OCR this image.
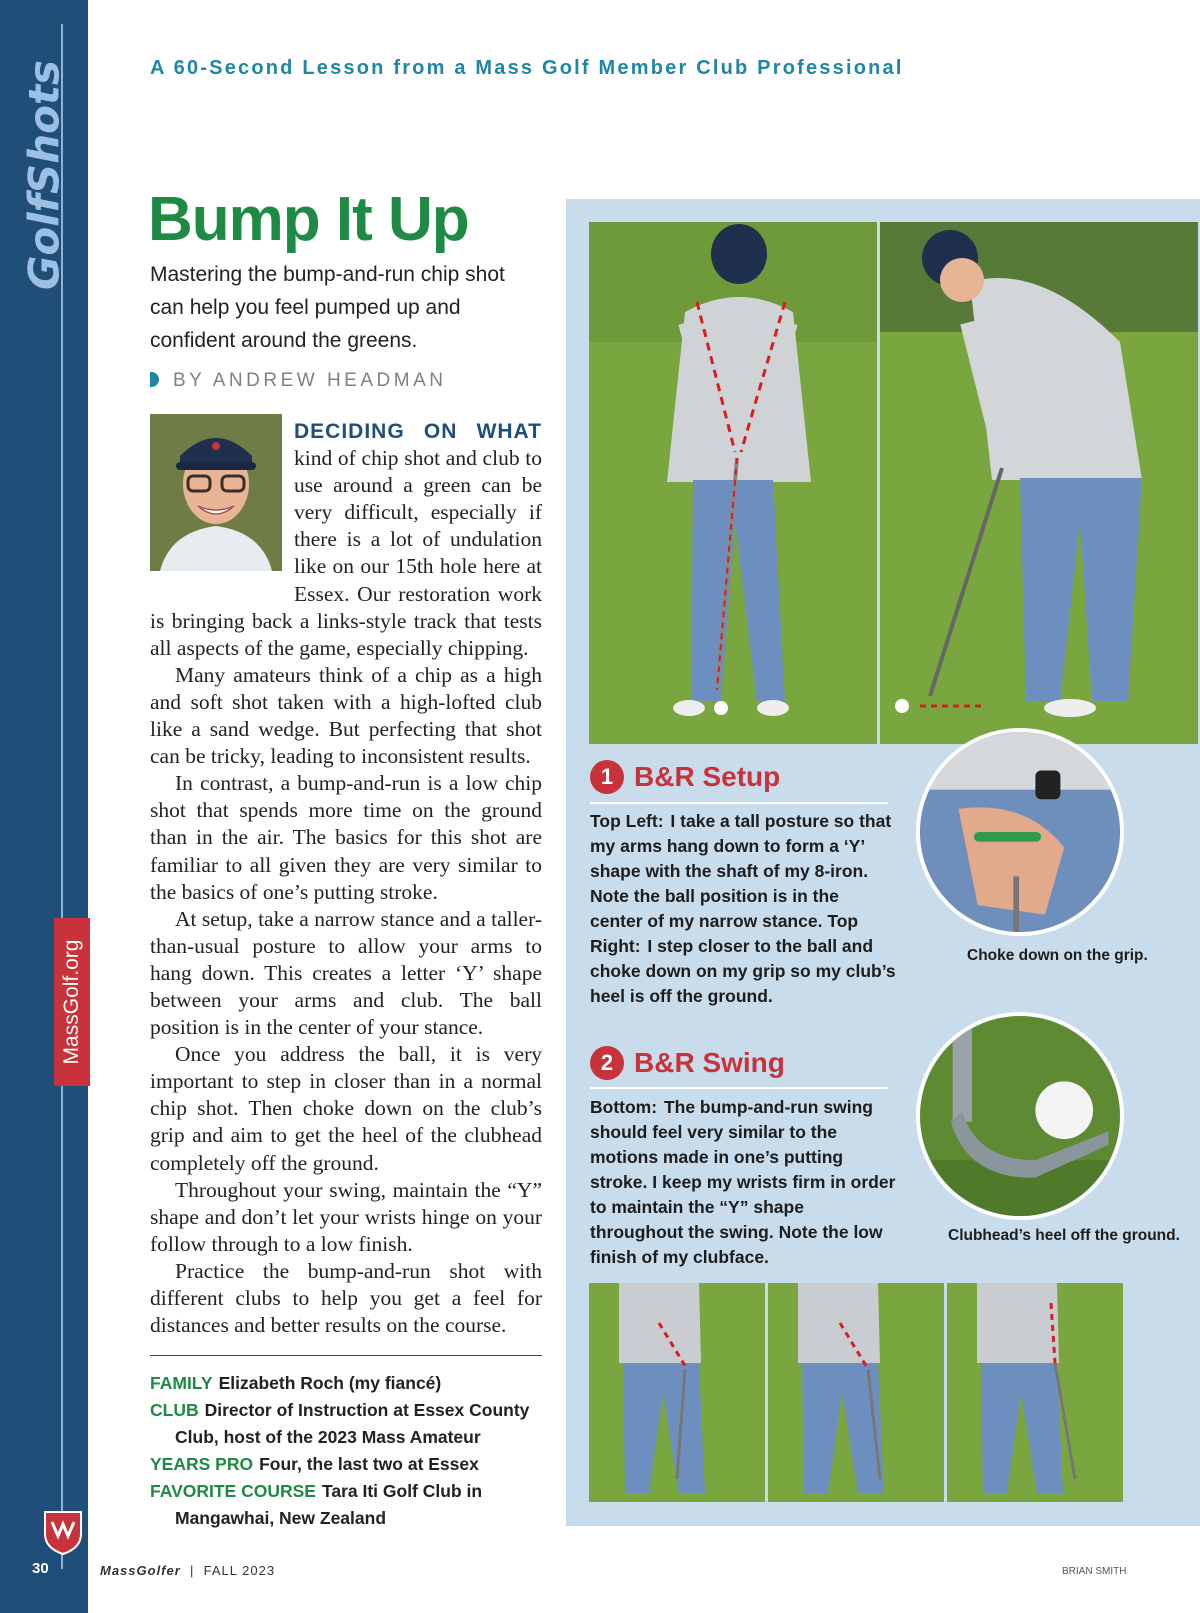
GolfShots
MassGolf.org
30
A 60-Second Lesson from a Mass Golf Member Club Professional
Bump It Up
Mastering the bump-and-run chip shot can help you feel pumped up and confident around the greens.
BY ANDREW HEADMAN

DECIDING ON WHAT kind of chip shot and club to use around a green can be very difficult, especially if there is a lot of undulation like on our 15th hole here at Essex. Our restoration work is bringing back a links-style track that tests all aspects of the game, especially chipping.

Many amateurs think of a chip as a high and soft shot taken with a high-lofted club like a sand wedge. But perfecting that shot can be tricky, leading to inconsistent results.

In contrast, a bump-and-run is a low chip shot that spends more time on the ground than in the air. The basics for this shot are familiar to all given they are very similar to the basics of one’s putting stroke.

At setup, take a narrow stance and a taller-than-usual posture to allow your arms to hang down. This creates a letter ‘Y’ shape between your arms and club. The ball position is in the center of your stance.

Once you address the ball, it is very important to step in closer than in a normal chip shot. Then choke down on the club’s grip and aim to get the heel of the clubhead completely off the ground.

Throughout your swing, maintain the “Y” shape and don’t let your wrists hinge on your follow through to a low finish.

Practice the bump-and-run shot with different clubs to help you get a feel for distances and better results on the course.

FAMILY Elizabeth Roch (my fiancé)
CLUB Director of Instruction at Essex County Club, host of the 2023 Mass Amateur
YEARS PRO Four, the last two at Essex
FAVORITE COURSE Tara Iti Golf Club in Mangawhai, New Zealand
MassGolfer  |  FALL 2023	BRIAN SMITH
1 B&R Setup
Top Left: I take a tall posture so that my arms hang down to form a ‘Y’ shape with the shaft of my 8-iron. Note the ball position is in the center of my narrow stance. Top Right: I step closer to the ball and choke down on my grip so my club’s heel is off the ground.
Choke down on the grip.
2 B&R Swing
Bottom: The bump-and-run swing should feel very similar to the motions made in one’s putting stroke. I keep my wrists firm in order to maintain the “Y” shape throughout the swing. Note the low finish of my clubface.
Clubhead’s heel off the ground.
